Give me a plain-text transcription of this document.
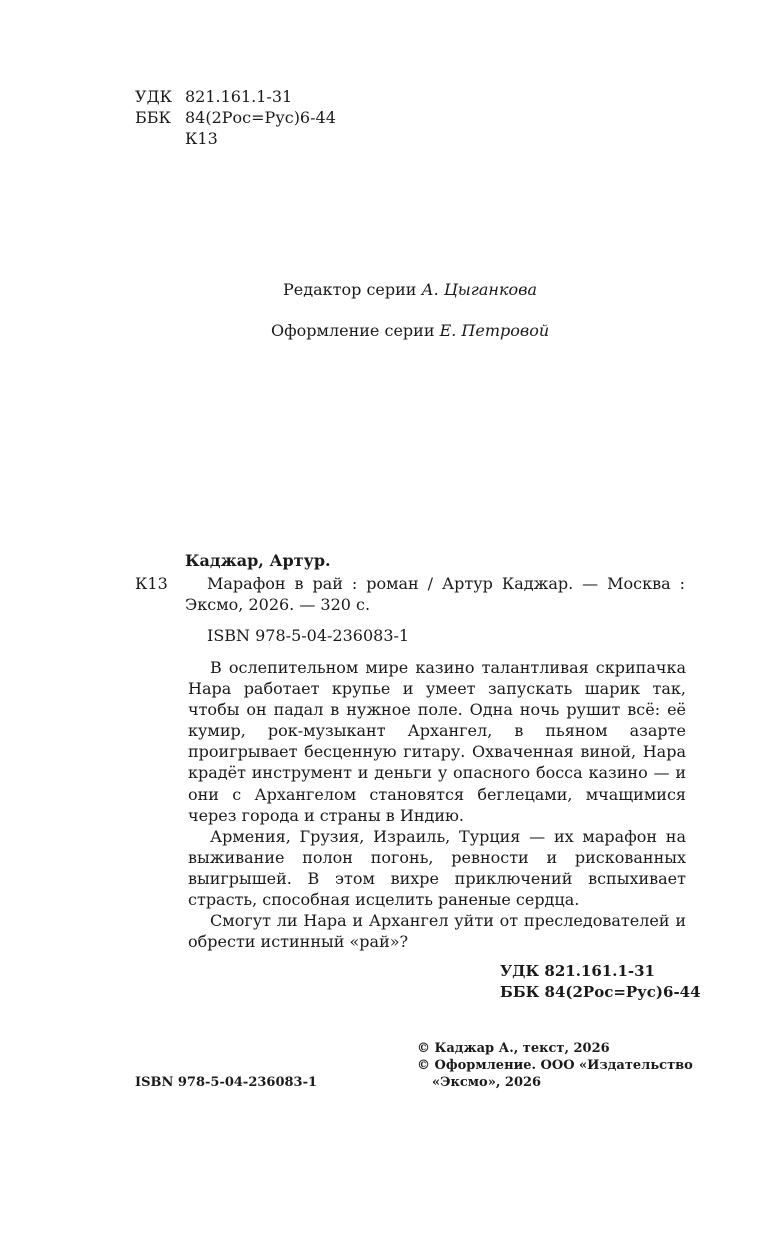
УДК 821.161.1-31
ББК 84(2Рос=Рус)6-44
К13
Редактор серии А. Цыганкова
Оформление серии Е. Петровой
Каджар, Артур.
К13 Марафон в рай : роман / Артур Каджар. — Москва :
Эксмо, 2026. — 320 с.
ISBN 978-5-04-236083-1
В ослепительном мире казино талантливая скрипачка Нара работает крупье и умеет запускать шарик так, чтобы он падал в нужное поле. Одна ночь рушит всё: её кумир, рок-музыкант Архангел, в пьяном азарте проигрывает бесценную гитару. Охваченная виной, Нара крадёт инструмент и деньги у опасного босса казино — и они с Архангелом становятся беглецами, мчащимися через города и страны в Индию.
Армения, Грузия, Израиль, Турция — их марафон на выживание полон погонь, ревности и рискованных выигрышей. В этом вихре приключений вспыхивает страсть, способная исцелить раненые сердца.
Смогут ли Нара и Архангел уйти от преследователей и обрести истинный «рай»?
УДК 821.161.1-31
ББК 84(2Рос=Рус)6-44
ISBN 978-5-04-236083-1
© Каджар А., текст, 2026
© Оформление. ООО «Издательство
«Эксмо», 2026
